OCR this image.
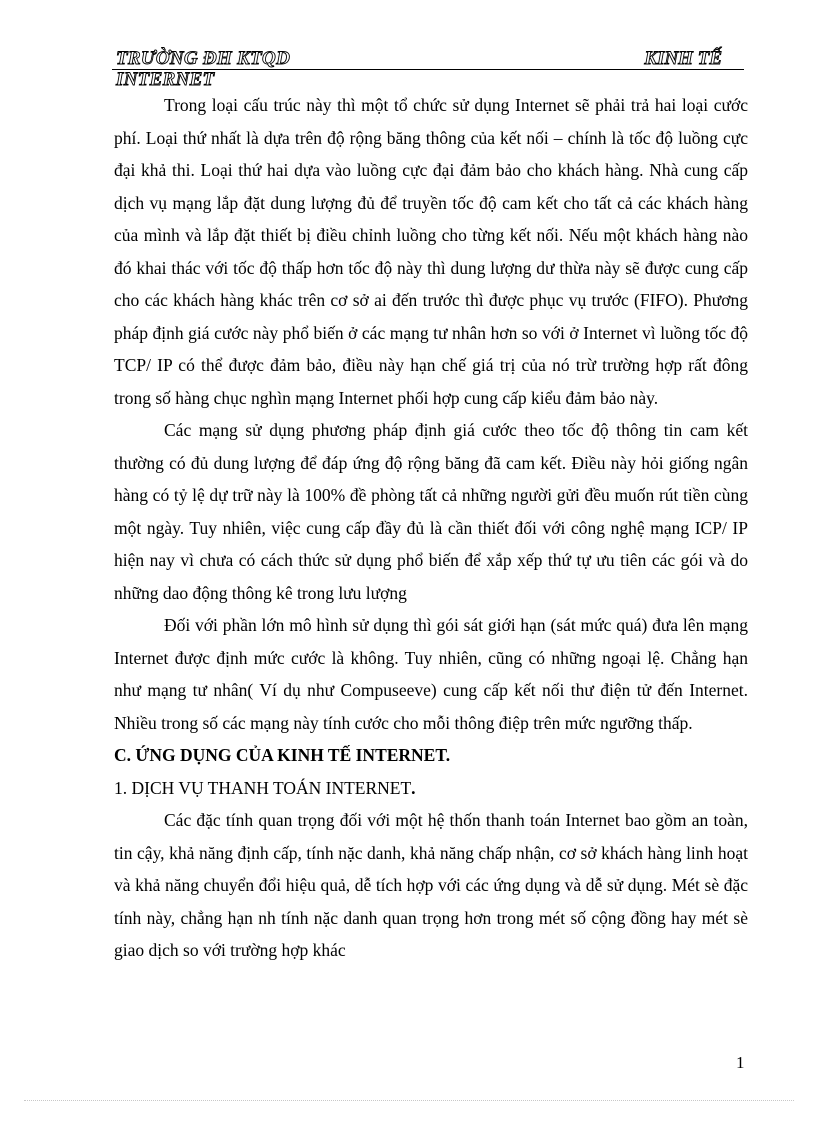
TRƯỜNG ĐH KTQD	KINH TẾ
INTERNET

Trong loại cấu trúc này thì một tổ chức sử dụng Internet sẽ phải trả hai loại cước phí. Loại thứ nhất là dựa trên độ rộng băng thông của kết nối – chính là tốc độ luồng cực đại khả thi. Loại thứ hai dựa vào luồng cực đại đảm bảo cho khách hàng. Nhà cung cấp dịch vụ mạng lắp đặt dung lượng đủ để truyền tốc độ cam kết cho tất cả các khách hàng của mình và lắp đặt thiết bị điều chỉnh luồng cho từng kết nối. Nếu một khách hàng nào đó khai thác với tốc độ thấp hơn tốc độ này thì dung lượng dư thừa này sẽ được cung cấp cho các khách hàng khác trên cơ sở ai đến trước thì được phục vụ trước (FIFO). Phương pháp định giá cước này phổ biến ở các mạng tư nhân hơn so với ở Internet vì luồng tốc độ TCP/ IP có thể được đảm bảo, điều này hạn chế giá trị của nó trừ trường hợp rất đông trong số hàng chục nghìn mạng Internet phối hợp cung cấp kiểu đảm bảo này.

Các mạng sử dụng phương pháp định giá cước theo tốc độ thông tin cam kết thường có đủ dung lượng để đáp ứng độ rộng băng đã cam kết. Điều này hỏi giống ngân hàng có tỷ lệ dự trữ này là 100% đề phòng tất cả những người gửi đều muốn rút tiền cùng một ngày. Tuy nhiên, việc cung cấp đầy đủ là cần thiết đối với công nghệ mạng ICP/ IP hiện nay vì chưa có cách thức sử dụng phổ biến để xắp xếp thứ tự ưu tiên các gói và do những dao động thông kê trong lưu lượng

Đối với phần lớn mô hình sử dụng thì gói sát giới hạn (sát mức quá) đưa lên mạng Internet được định mức cước là không. Tuy nhiên, cũng có những ngoại lệ. Chẳng hạn như mạng tư nhân( Ví dụ như Compuseeve) cung cấp kết nối thư điện tử đến Internet. Nhiều trong số các mạng này tính cước cho mỗi thông điệp trên mức ngưỡng thấp.

C. ỨNG DỤNG CỦA KINH TẾ INTERNET.

1. DỊCH VỤ THANH TOÁN INTERNET.

Các đặc tính quan trọng đối với một hệ thốn thanh toán Internet bao gồm an toàn, tin cậy, khả năng định cấp, tính nặc danh, khả năng chấp nhận, cơ sở khách hàng linh hoạt và khả năng chuyển đổi hiệu quả, dễ tích hợp với các ứng dụng và dễ sử dụng. Mét sè đặc tính này, chẳng hạn nh tính nặc danh quan trọng hơn trong mét số cộng đồng hay mét sè giao dịch so với trường hợp khác

1
